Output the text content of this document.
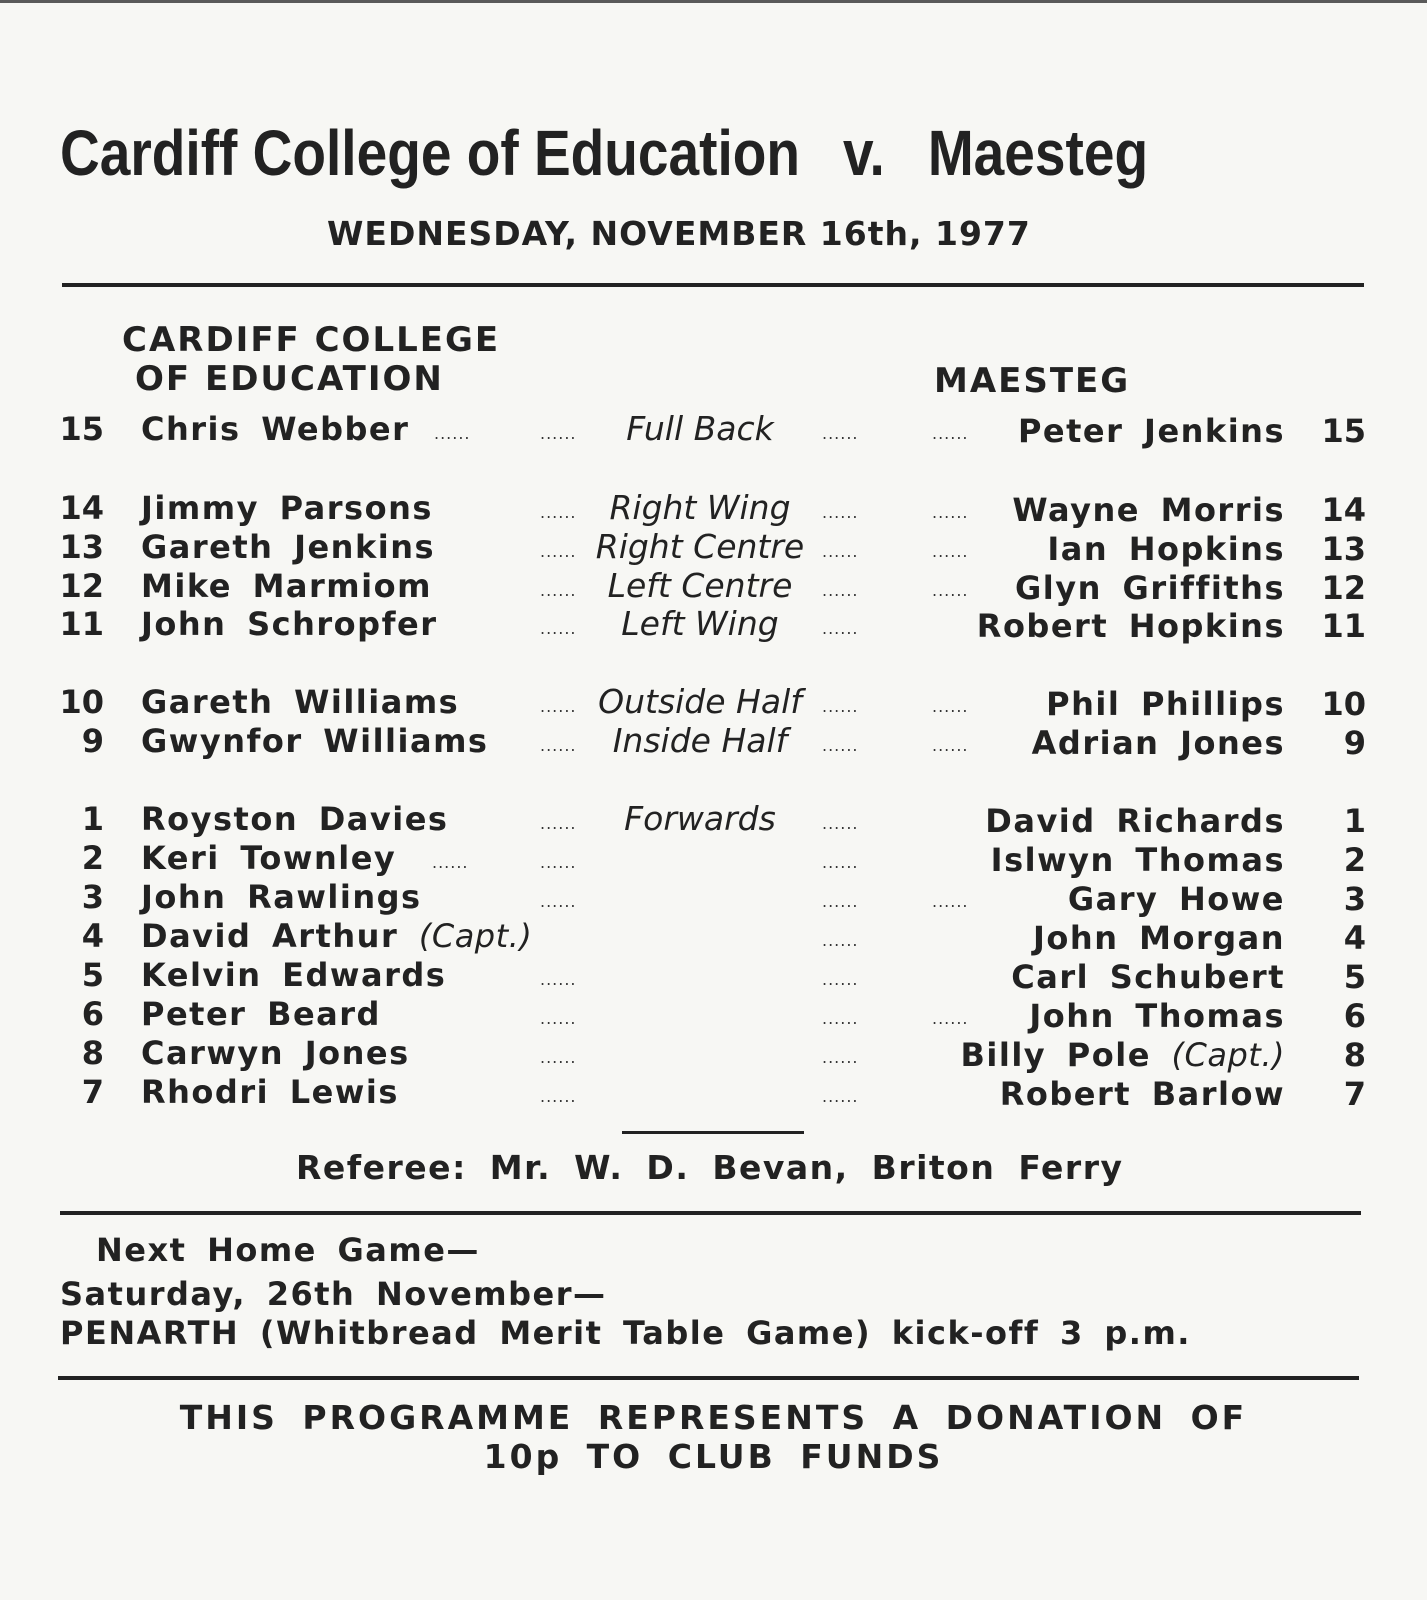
Cardiff College of Education v. Maesteg
WEDNESDAY, NOVEMBER 16th, 1977
CARDIFF COLLEGE
OF EDUCATION	MAESTEG
15 Chris Webber ......	......	Full Back	......	......	Peter Jenkins 15
14 Jimmy Parsons	...... Right Wing	......	......	Wayne Morris 14
13 Gareth Jenkins	...... Right Centre	......	......	Ian Hopkins 13
12 Mike Marmiom	...... Left Centre	......	......	Glyn Griffiths 12
11 John Schropfer	......	Left Wing	......	Robert Hopkins 11
10 Gareth Williams	...... Outside Half	......	......	Phil Phillips 10
9 Gwynfor Williams	......	Inside Half	......	......	Adrian Jones	9
1 Royston Davies	......	Forwards	......	David Richards	1
2 Keri Townley ......	......	......	Islwyn Thomas	2
3 John Rawlings	......	......	......	Gary Howe	3
4 David Arthur (Capt.)	......	John Morgan	4
5 Kelvin Edwards	......	......	Carl Schubert	5
6 Peter Beard	......	......	......	John Thomas	6
8 Carwyn Jones	......	......	Billy Pole (Capt.)	8
7 Rhodri Lewis	......	......	Robert Barlow	7
Referee: Mr. W. D. Bevan, Briton Ferry
Next Home Game—
Saturday, 26th November—
PENARTH (Whitbread Merit Table Game) kick-off 3 p.m.
THIS PROGRAMME REPRESENTS A DONATION OF
10p TO CLUB FUNDS
